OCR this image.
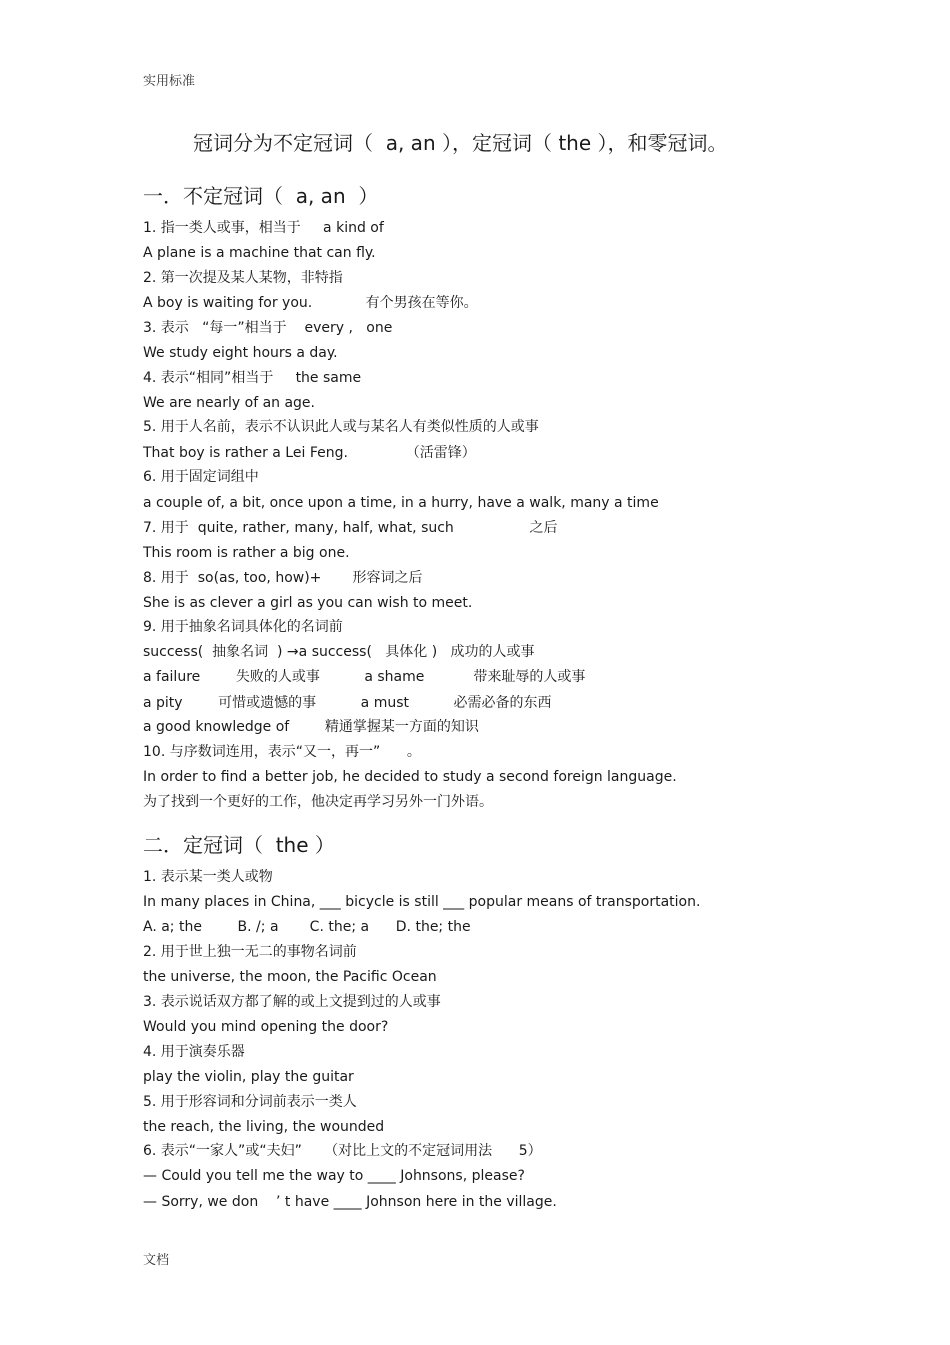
实用标准
冠词分为不定冠词（  a, an ），定冠词（ the ），和零冠词。
一．不定冠词（  a, an  ）
1. 指一类人或事，相当于     a kind of
A plane is a machine that can fly.
2. 第一次提及某人某物，非特指
A boy is waiting for you.            有个男孩在等你。
3. 表示   “每一”相当于    every ,   one
We study eight hours a day.
4. 表示“相同”相当于     the same
We are nearly of an age.
5. 用于人名前，表示不认识此人或与某名人有类似性质的人或事
That boy is rather a Lei Feng.             （活雷锋）
6. 用于固定词组中
a couple of, a bit, once upon a time, in a hurry, have a walk, many a time
7. 用于  quite, rather, many, half, what, such                 之后
This room is rather a big one.
8. 用于  so(as, too, how)+       形容词之后
She is as clever a girl as you can wish to meet.
9. 用于抽象名词具体化的名词前
success(  抽象名词  ) →a success(   具体化 )   成功的人或事
a failure        失败的人或事          a shame           带来耻辱的人或事
a pity        可惜或遗憾的事          a must          必需必备的东西
a good knowledge of        精通掌握某一方面的知识
10. 与序数词连用，表示“又一，再一”      。
In order to find a better job, he decided to study a second foreign language.
为了找到一个更好的工作，他决定再学习另外一门外语。
二．定冠词（  the ）
1. 表示某一类人或物
In many places in China, ___ bicycle is still ___ popular means of transportation.
A. a; the        B. /; a       C. the; a      D. the; the
2. 用于世上独一无二的事物名词前
the universe, the moon, the Pacific Ocean
3. 表示说话双方都了解的或上文提到过的人或事
Would you mind opening the door?
4. 用于演奏乐器
play the violin, play the guitar
5. 用于形容词和分词前表示一类人
the reach, the living, the wounded
6. 表示“一家人”或“夫妇”     （对比上文的不定冠词用法      5）
— Could you tell me the way to ____ Johnsons, please?
— Sorry, we don    ’ t have ____ Johnson here in the village.
文档
